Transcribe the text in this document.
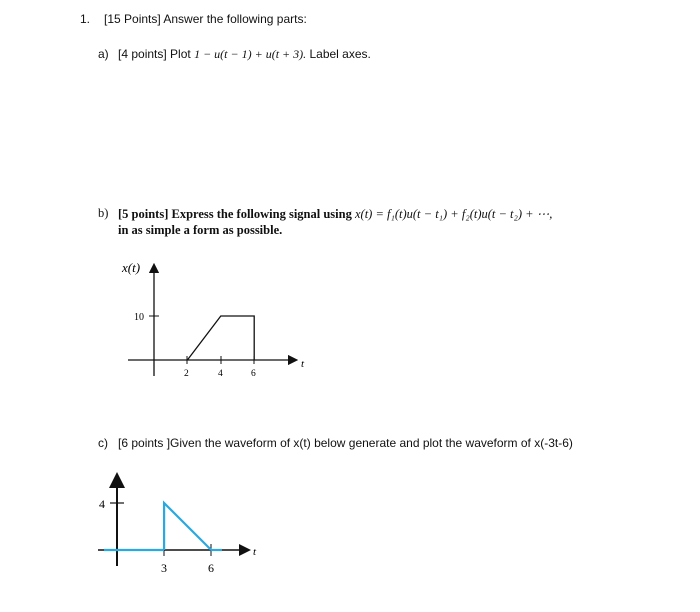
1. [15 Points] Answer the following parts:
a) [4 points] Plot 1 − u(t − 1) + u(t + 3). Label axes.
b) [5 points] Express the following signal using x(t) = f₁(t)u(t − t₁) + f₂(t)u(t − t₂) + ⋯,
in as simple a form as possible.
x(t)
10
2	4	6
t
c) [6 points ]Given the waveform of x(t) below generate and plot the waveform of x(-3t-6)
4
3	6
t
